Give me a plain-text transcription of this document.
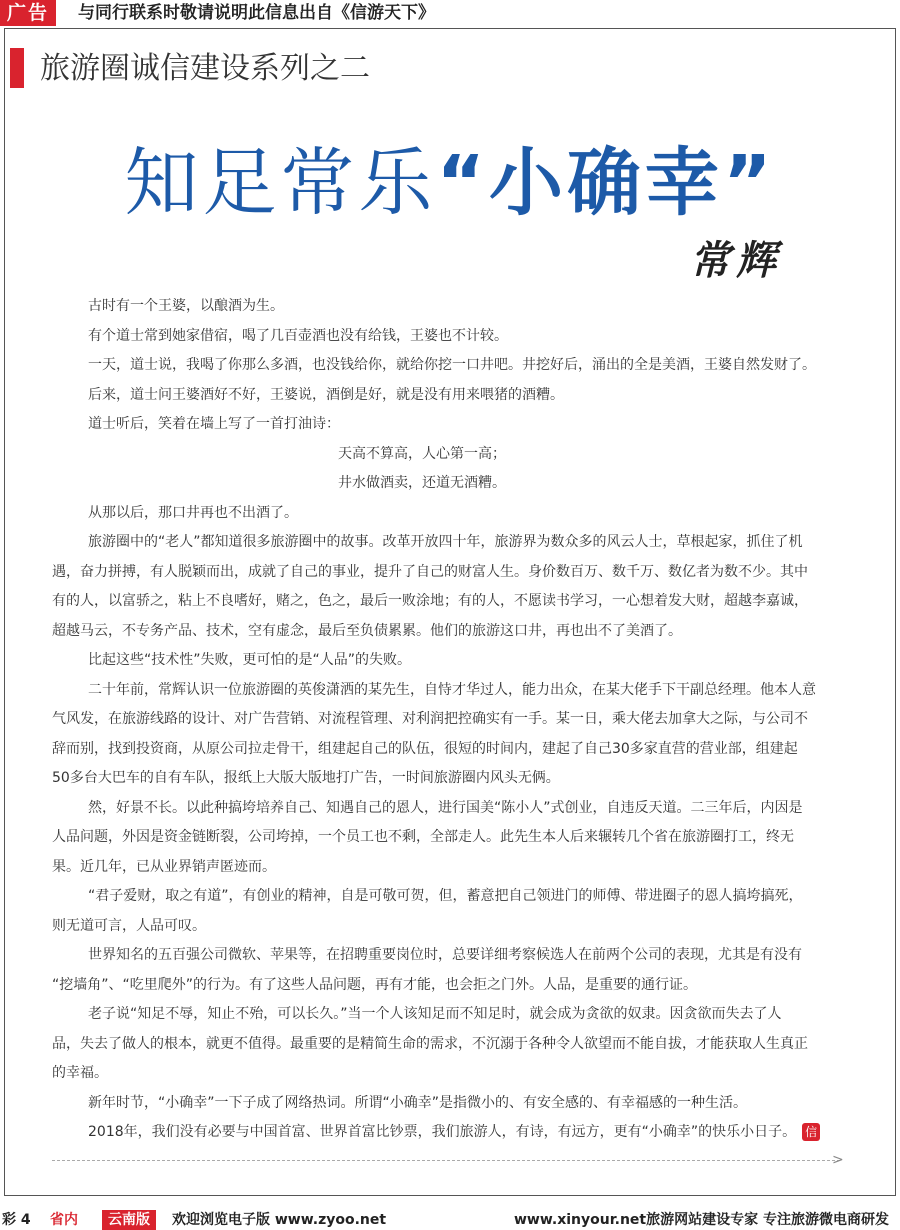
广告	与同行联系时敬请说明此信息出自《信游天下》
旅游圈诚信建设系列之二
知足常乐“小确幸”
常辉

古时有一个王婆，以酿酒为生。

有个道士常到她家借宿，喝了几百壶酒也没有给钱，王婆也不计较。

一天，道士说，我喝了你那么多酒，也没钱给你，就给你挖一口井吧。井挖好后，涌出的全是美酒，王婆自然发财了。

后来，道士问王婆酒好不好，王婆说，酒倒是好，就是没有用来喂猪的酒糟。

道士听后，笑着在墙上写了一首打油诗：

天高不算高，人心第一高；

井水做酒卖，还道无酒糟。

从那以后，那口井再也不出酒了。

旅游圈中的“老人”都知道很多旅游圈中的故事。改革开放四十年，旅游界为数众多的风云人士，草根起家，抓住了机

遇，奋力拼搏，有人脱颖而出，成就了自己的事业，提升了自己的财富人生。身价数百万、数千万、数亿者为数不少。其中

有的人，以富骄之，粘上不良嗜好，赌之，色之，最后一败涂地；有的人，不愿读书学习，一心想着发大财，超越李嘉诚，

超越马云，不专务产品、技术，空有虚念，最后至负债累累。他们的旅游这口井，再也出不了美酒了。

比起这些“技术性”失败，更可怕的是“人品”的失败。

二十年前，常辉认识一位旅游圈的英俊潇洒的某先生，自恃才华过人，能力出众，在某大佬手下干副总经理。他本人意

气风发，在旅游线路的设计、对广告营销、对流程管理、对利润把控确实有一手。某一日，乘大佬去加拿大之际，与公司不

辞而别，找到投资商，从原公司拉走骨干，组建起自己的队伍，很短的时间内，建起了自己30多家直营的营业部，组建起

50多台大巴车的自有车队，报纸上大版大版地打广告，一时间旅游圈内风头无俩。

然，好景不长。以此种搞垮培养自己、知遇自己的恩人，进行国美“陈小人”式创业，自违反天道。二三年后，内因是

人品问题，外因是资金链断裂，公司垮掉，一个员工也不剩，全部走人。此先生本人后来辗转几个省在旅游圈打工，终无

果。近几年，已从业界销声匿迹而。

“君子爱财，取之有道”，有创业的精神，自是可敬可贺，但，蓄意把自己领进门的师傅、带进圈子的恩人搞垮搞死，

则无道可言，人品可叹。

世界知名的五百强公司微软、苹果等，在招聘重要岗位时，总要详细考察候选人在前两个公司的表现，尤其是有没有

“挖墙角”、“吃里爬外”的行为。有了这些人品问题，再有才能，也会拒之门外。人品，是重要的通行证。

老子说“知足不辱，知止不殆，可以长久。”当一个人该知足而不知足时，就会成为贪欲的奴隶。因贪欲而失去了人

品，失去了做人的根本，就更不值得。最重要的是精简生命的需求，不沉溺于各种令人欲望而不能自拔，才能获取人生真正

的幸福。

新年时节，“小确幸”一下子成了网络热词。所谓“小确幸”是指微小的、有安全感的、有幸福感的一种生活。

2018年，我们没有必要与中国首富、世界首富比钞票，我们旅游人，有诗，有远方，更有“小确幸”的快乐小日子。 信

>
彩 4 省内	云南版	欢迎浏览电子版 www.zyoo.net	www.xinyour.net旅游网站建设专家 专注旅游微电商研发
